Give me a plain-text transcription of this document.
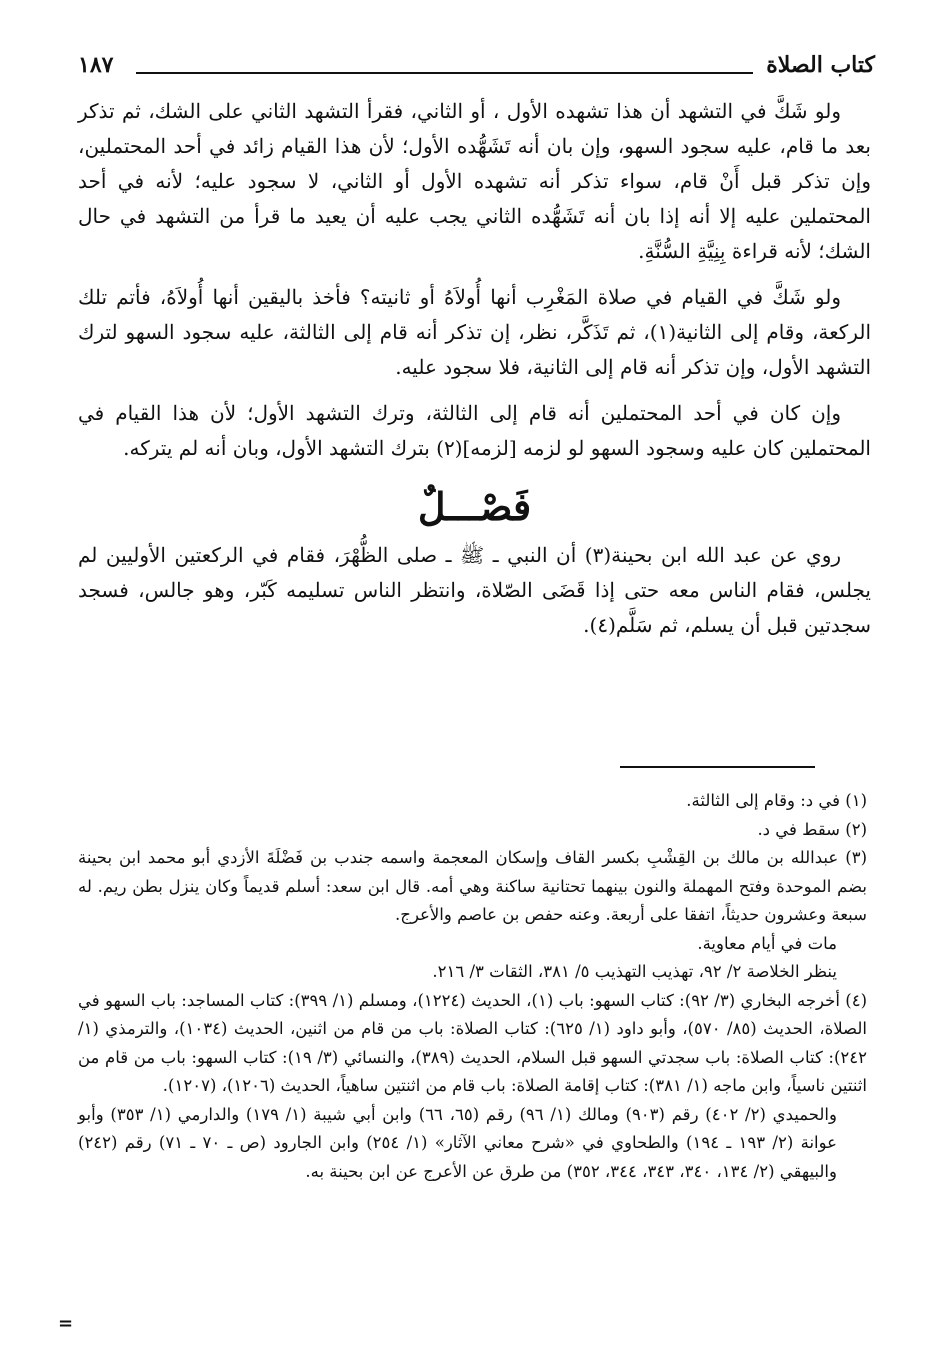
كتاب الصلاة
١٨٧

ولو شَكَّ في التشهد أن هذا تشهده الأول ، أو الثاني، فقرأ التشهد الثاني على الشك، ثم تذكر بعد ما قام، عليه سجود السهو، وإن بان أنه تَشَهُّده الأول؛ لأن هذا القيام زائد في أحد المحتملين، وإن تذكر قبل أَنْ قام، سواء تذكر أنه تشهده الأول أو الثاني، لا سجود عليه؛ لأنه في أحد المحتملين عليه إلا أنه إذا بان أنه تَشَهُّده الثاني يجب عليه أن يعيد ما قرأ من التشهد في حال الشك؛ لأنه قراءة بِنِيَّةِ السُّنَّةِ.

ولو شَكَّ في القيام في صلاة المَغْرِب أنها أُولاَهُ أو ثانيته؟ فأخذ باليقين أنها أُولاَهُ، فأتم تلك الركعة، وقام إلى الثانية(١)، ثم تَذَكَّر، نظر، إن تذكر أنه قام إلى الثالثة، عليه سجود السهو لترك التشهد الأول، وإن تذكر أنه قام إلى الثانية، فلا سجود عليه.

وإن كان في أحد المحتملين أنه قام إلى الثالثة، وترك التشهد الأول؛ لأن هذا القيام في المحتملين كان عليه وسجود السهو لو لزمه [لزمه](٢) بترك التشهد الأول، وبان أنه لم يتركه.

فَصْـــلٌ

روي عن عبد الله ابن بحينة(٣) أن النبي ـ ﷺ ـ صلى الظُّهْرَ، فقام في الركعتين الأوليين لم يجلس، فقام الناس معه حتى إذا قَضَى الصّلاة، وانتظر الناس تسليمه كَبّر، وهو جالس، فسجد سجدتين قبل أن يسلم، ثم سَلَّم(٤).

(١) في د: وقام إلى الثالثة.

(٢) سقط في د.

(٣) عبدالله بن مالك بن القِشْبِ بكسر القاف وإسكان المعجمة واسمه جندب بن فَضْلَةَ الأزدي أبو محمد ابن بحينة بضم الموحدة وفتح المهملة والنون بينهما تحتانية ساكنة وهي أمه. قال ابن سعد: أسلم قديماً وكان ينزل بطن ريم. له سبعة وعشرون حديثاً، اتفقا على أربعة. وعنه حفص بن عاصم والأعرج.

مات في أيام معاوية.

ينظر الخلاصة ٢/ ٩٢، تهذيب التهذيب ٥/ ٣٨١، الثقات ٣/ ٢١٦.

(٤) أخرجه البخاري (٣/ ٩٢): كتاب السهو: باب (١)، الحديث (١٢٢٤)، ومسلم (١/ ٣٩٩): كتاب المساجد: باب السهو في الصلاة، الحديث (٨٥/ ٥٧٠)، وأبو داود (١/ ٦٢٥): كتاب الصلاة: باب من قام من اثنين، الحديث (١٠٣٤)، والترمذي (١/ ٢٤٢): كتاب الصلاة: باب سجدتي السهو قبل السلام، الحديث (٣٨٩)، والنسائي (٣/ ١٩): كتاب السهو: باب من قام من اثنتين ناسياً، وابن ماجه (١/ ٣٨١): كتاب إقامة الصلاة: باب قام من اثنتين ساهياً، الحديث (١٢٠٦)، (١٢٠٧).

والحميدي (٢/ ٤٠٢) رقم (٩٠٣) ومالك (١/ ٩٦) رقم (٦٥، ٦٦) وابن أبي شيبة (١/ ١٧٩) والدارمي (١/ ٣٥٣) وأبو عوانة (٢/ ١٩٣ ـ ١٩٤) والطحاوي في «شرح معاني الآثار» (١/ ٢٥٤) وابن الجارود (ص ـ ٧٠ ـ ٧١) رقم (٢٤٢) والبيهقي (٢/ ١٣٤، ٣٤٠، ٣٤٣، ٣٤٤، ٣٥٢) من طرق عن الأعرج عن ابن بحينة به.

=
